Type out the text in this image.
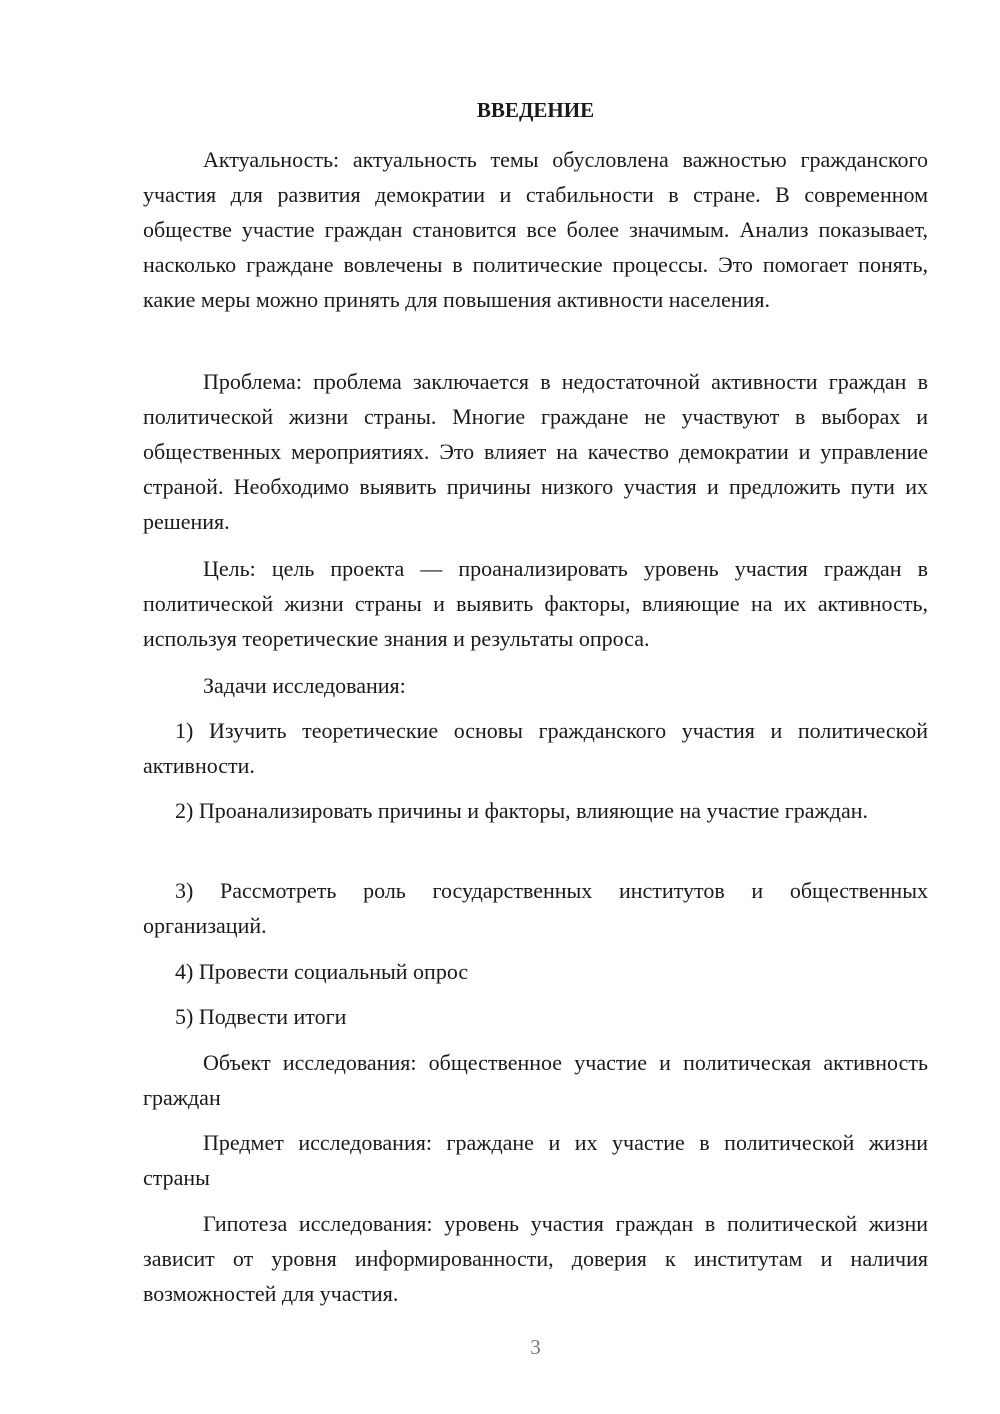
ВВЕДЕНИЕ

Актуальность: актуальность темы обусловлена важностью гражданского участия для развития демократии и стабильности в стране. В современном обществе участие граждан становится все более значимым. Анализ показывает, насколько граждане вовлечены в политические процессы. Это помогает понять, какие меры можно принять для повышения активности населения.

Проблема: проблема заключается в недостаточной активности граждан в политической жизни страны. Многие граждане не участвуют в выборах и общественных мероприятиях. Это влияет на качество демократии и управление страной. Необходимо выявить причины низкого участия и предложить пути их решения.

Цель: цель проекта — проанализировать уровень участия граждан в политической жизни страны и выявить факторы, влияющие на их активность, используя теоретические знания и результаты опроса.

Задачи исследования:

1) Изучить теоретические основы гражданского участия и политической активности.

2) Проанализировать причины и факторы, влияющие на участие граждан.

3) Рассмотреть роль государственных институтов и общественных организаций.

4) Провести социальный опрос

5) Подвести итоги

Объект исследования: общественное участие и политическая активность граждан

Предмет исследования: граждане и их участие в политической жизни страны

Гипотеза исследования: уровень участия граждан в политической жизни зависит от уровня информированности, доверия к институтам и наличия возможностей для участия.

3
